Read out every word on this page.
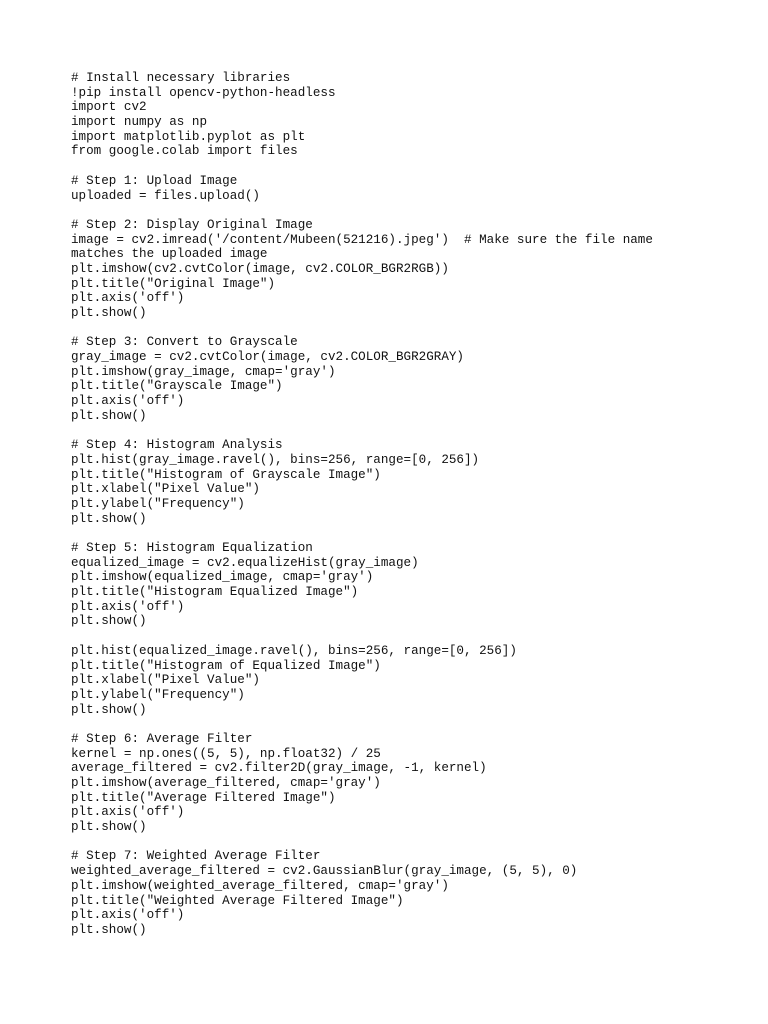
# Install necessary libraries
!pip install opencv-python-headless
import cv2
import numpy as np
import matplotlib.pyplot as plt
from google.colab import files
# Step 1: Upload Image
uploaded = files.upload()
# Step 2: Display Original Image
image = cv2.imread('/content/Mubeen(521216).jpeg')  # Make sure the file name
matches the uploaded image
plt.imshow(cv2.cvtColor(image, cv2.COLOR_BGR2RGB))
plt.title("Original Image")
plt.axis('off')
plt.show()
# Step 3: Convert to Grayscale
gray_image = cv2.cvtColor(image, cv2.COLOR_BGR2GRAY)
plt.imshow(gray_image, cmap='gray')
plt.title("Grayscale Image")
plt.axis('off')
plt.show()
# Step 4: Histogram Analysis
plt.hist(gray_image.ravel(), bins=256, range=[0, 256])
plt.title("Histogram of Grayscale Image")
plt.xlabel("Pixel Value")
plt.ylabel("Frequency")
plt.show()
# Step 5: Histogram Equalization
equalized_image = cv2.equalizeHist(gray_image)
plt.imshow(equalized_image, cmap='gray')
plt.title("Histogram Equalized Image")
plt.axis('off')
plt.show()
plt.hist(equalized_image.ravel(), bins=256, range=[0, 256])
plt.title("Histogram of Equalized Image")
plt.xlabel("Pixel Value")
plt.ylabel("Frequency")
plt.show()
# Step 6: Average Filter
kernel = np.ones((5, 5), np.float32) / 25
average_filtered = cv2.filter2D(gray_image, -1, kernel)
plt.imshow(average_filtered, cmap='gray')
plt.title("Average Filtered Image")
plt.axis('off')
plt.show()
# Step 7: Weighted Average Filter
weighted_average_filtered = cv2.GaussianBlur(gray_image, (5, 5), 0)
plt.imshow(weighted_average_filtered, cmap='gray')
plt.title("Weighted Average Filtered Image")
plt.axis('off')
plt.show()
